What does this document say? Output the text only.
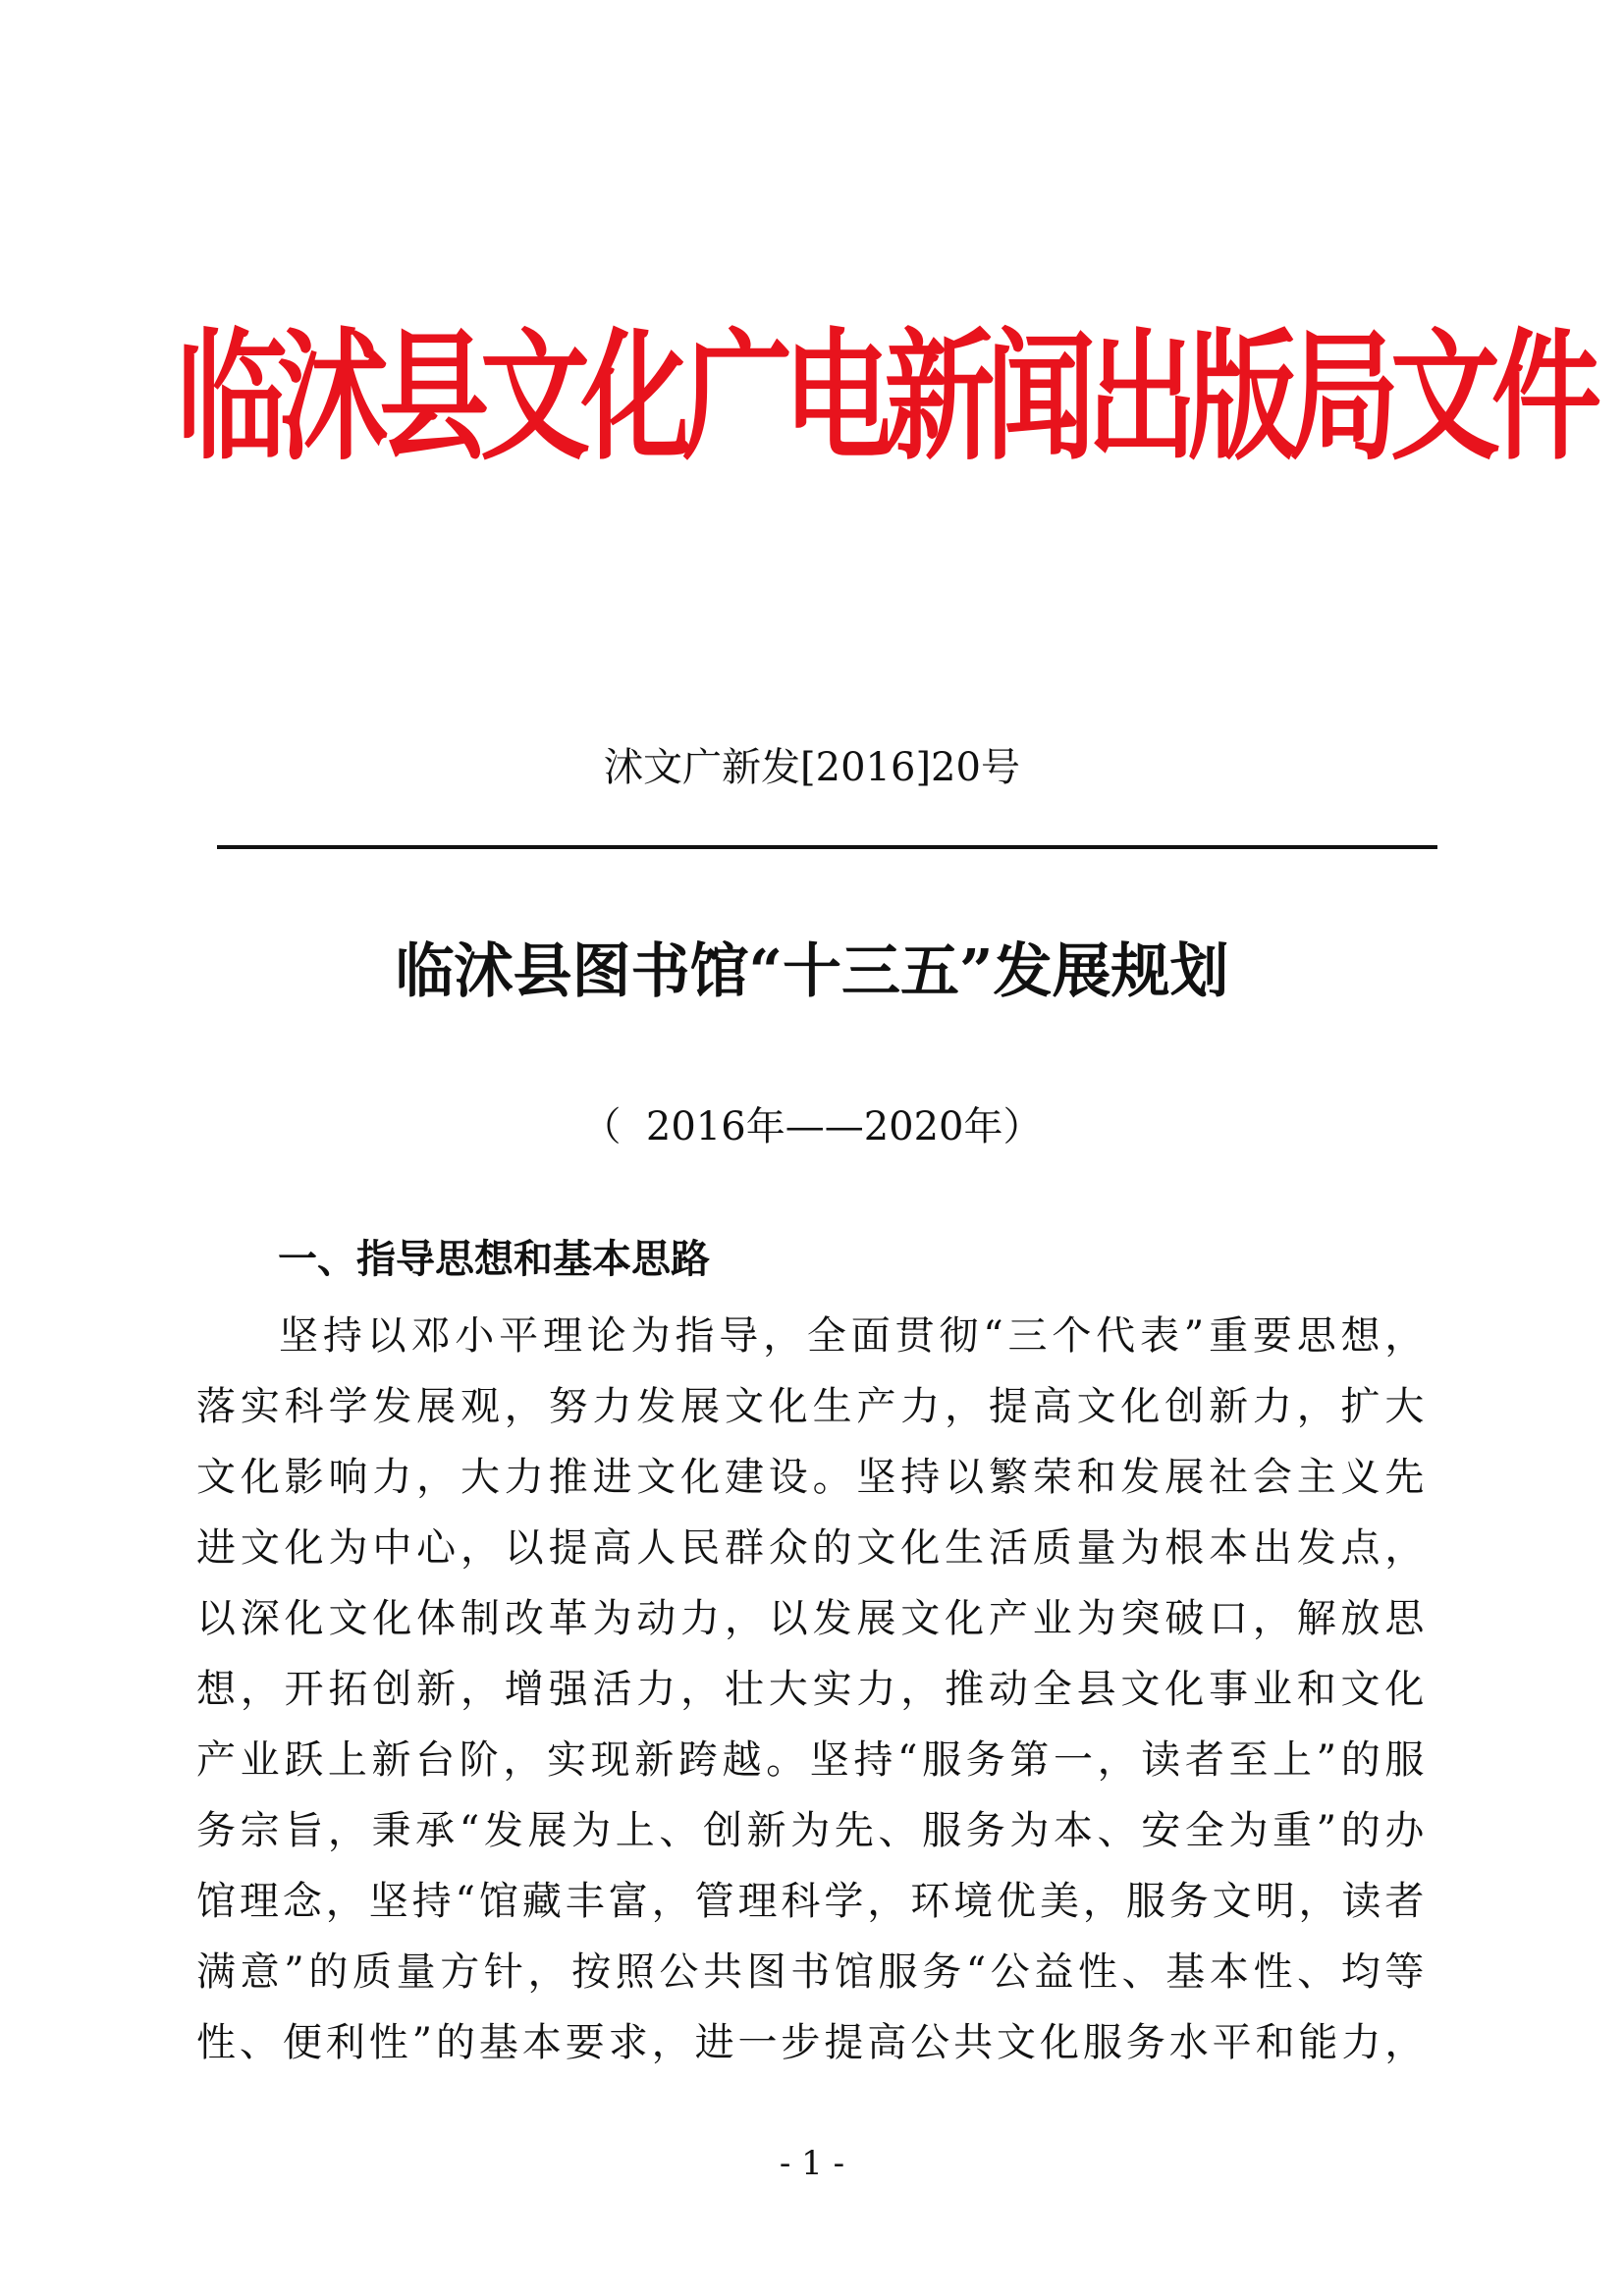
临沭县文化广电新闻出版局文件
沭文广新发[2016]20号
临沭县图书馆“十三五”发展规划
（  2016年——2020年）
一、指导思想和基本思路
坚持以邓小平理论为指导，全面贯彻“三个代表”重要思想，
落实科学发展观，努力发展文化生产力，提高文化创新力，扩大
文化影响力，大力推进文化建设。坚持以繁荣和发展社会主义先
进文化为中心，以提高人民群众的文化生活质量为根本出发点，
以深化文化体制改革为动力，以发展文化产业为突破口，解放思
想，开拓创新，增强活力，壮大实力，推动全县文化事业和文化
产业跃上新台阶，实现新跨越。坚持“服务第一，读者至上”的服
务宗旨，秉承“发展为上、创新为先、服务为本、安全为重”的办
馆理念，坚持“馆藏丰富，管理科学，环境优美，服务文明，读者
满意”的质量方针，按照公共图书馆服务“公益性、基本性、均等
性、便利性”的基本要求，进一步提高公共文化服务水平和能力，
- 1 -
